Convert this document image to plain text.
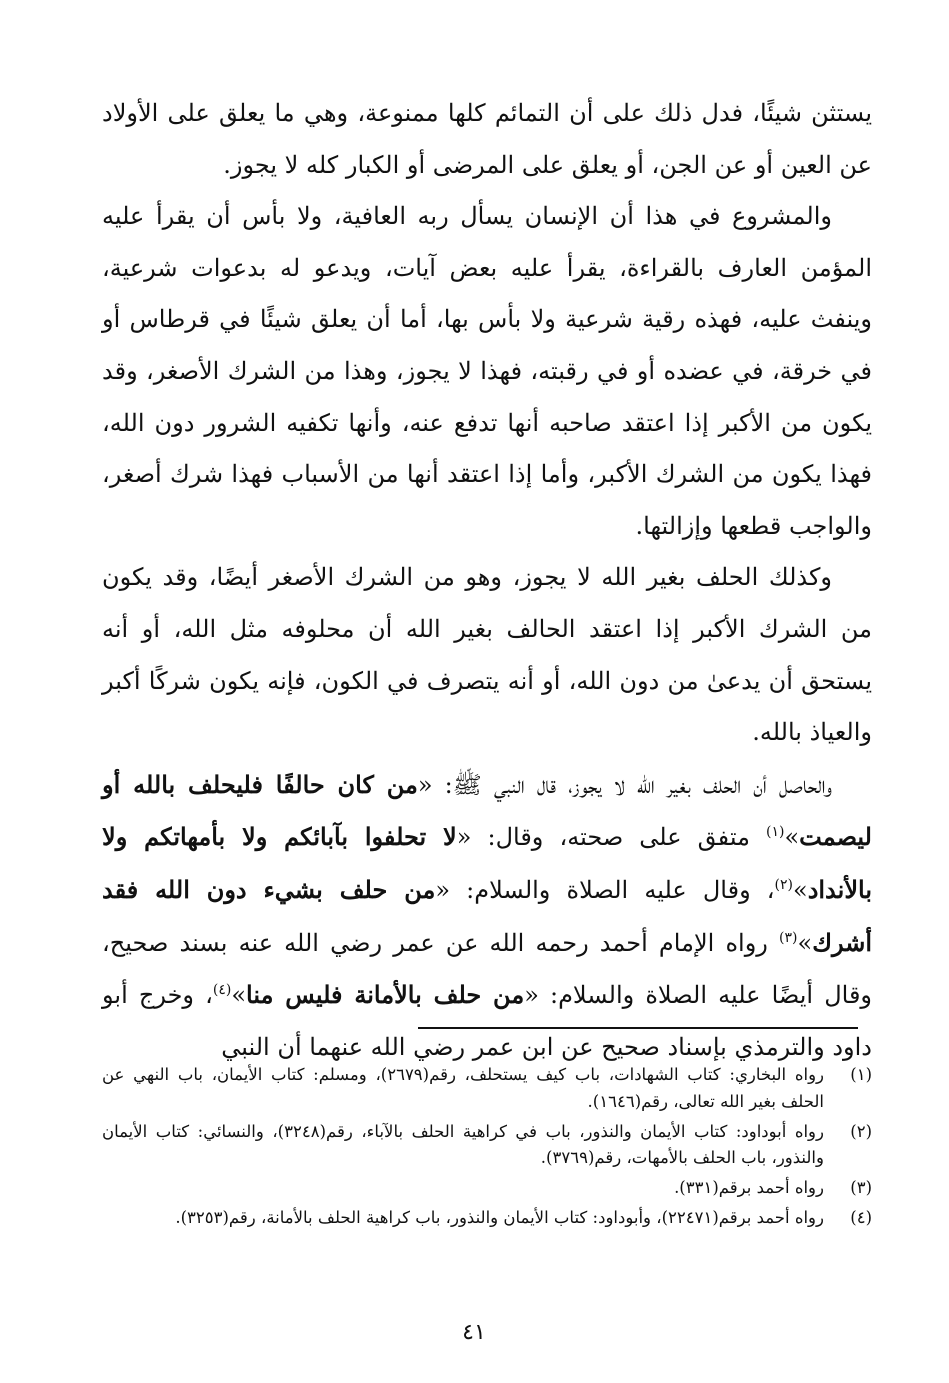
يستثن شيئًا، فدل ذلك على أن التمائم كلها ممنوعة، وهي ما يعلق على الأولاد عن العين أو عن الجن، أو يعلق على المرضى أو الكبار كله لا يجوز.

والمشروع في هذا أن الإنسان يسأل ربه العافية، ولا بأس أن يقرأ عليه المؤمن العارف بالقراءة، يقرأ عليه بعض آيات، ويدعو له بدعوات شرعية، وينفث عليه، فهذه رقية شرعية ولا بأس بها، أما أن يعلق شيئًا في قرطاس أو في خرقة، في عضده أو في رقبته، فهذا لا يجوز، وهذا من الشرك الأصغر، وقد يكون من الأكبر إذا اعتقد صاحبه أنها تدفع عنه، وأنها تكفيه الشرور دون الله، فهذا يكون من الشرك الأكبر، وأما إذا اعتقد أنها من الأسباب فهذا شرك أصغر، والواجب قطعها وإزالتها.

وكذلك الحلف بغير الله لا يجوز، وهو من الشرك الأصغر أيضًا، وقد يكون من الشرك الأكبر إذا اعتقد الحالف بغير الله أن محلوفه مثل الله، أو أنه يستحق أن يدعىٰ من دون الله، أو أنه يتصرف في الكون، فإنه يكون شركًا أكبر والعياذ بالله.

والحاصل أن الحلف بغير الله لا يجوز، قال النبي ﷺ: «من كان حالفًا فليحلف بالله أو ليصمت»$^{(١)}$ متفق على صحته، وقال: «لا تحلفوا بآبائكم ولا بأمهاتكم ولا بالأنداد»$^{(٢)}$، وقال عليه الصلاة والسلام: «من حلف بشيء دون الله فقد أشرك»$^{(٣)}$ رواه الإمام أحمد رحمه الله عن عمر رضي الله عنه بسند صحيح، وقال أيضًا عليه الصلاة والسلام: «من حلف بالأمانة فليس منا»$^{(٤)}$، وخرج أبو داود والترمذي بإسناد صحيح عن ابن عمر رضي الله عنهما أن النبي

(١)
رواه البخاري: كتاب الشهادات، باب كيف يستحلف، رقم(٢٦٧٩)، ومسلم: كتاب الأيمان، باب النهي عن الحلف بغير الله تعالى، رقم(١٦٤٦).
(٢)
رواه أبوداود: كتاب الأيمان والنذور، باب في كراهية الحلف بالآباء، رقم(٣٢٤٨)، والنسائي: كتاب الأيمان والنذور، باب الحلف بالأمهات، رقم(٣٧٦٩).
(٣)
رواه أحمد برقم(٣٣١).
(٤)
رواه أحمد برقم(٢٢٤٧١)، وأبوداود: كتاب الأيمان والنذور، باب كراهية الحلف بالأمانة، رقم(٣٢٥٣).
٤١
